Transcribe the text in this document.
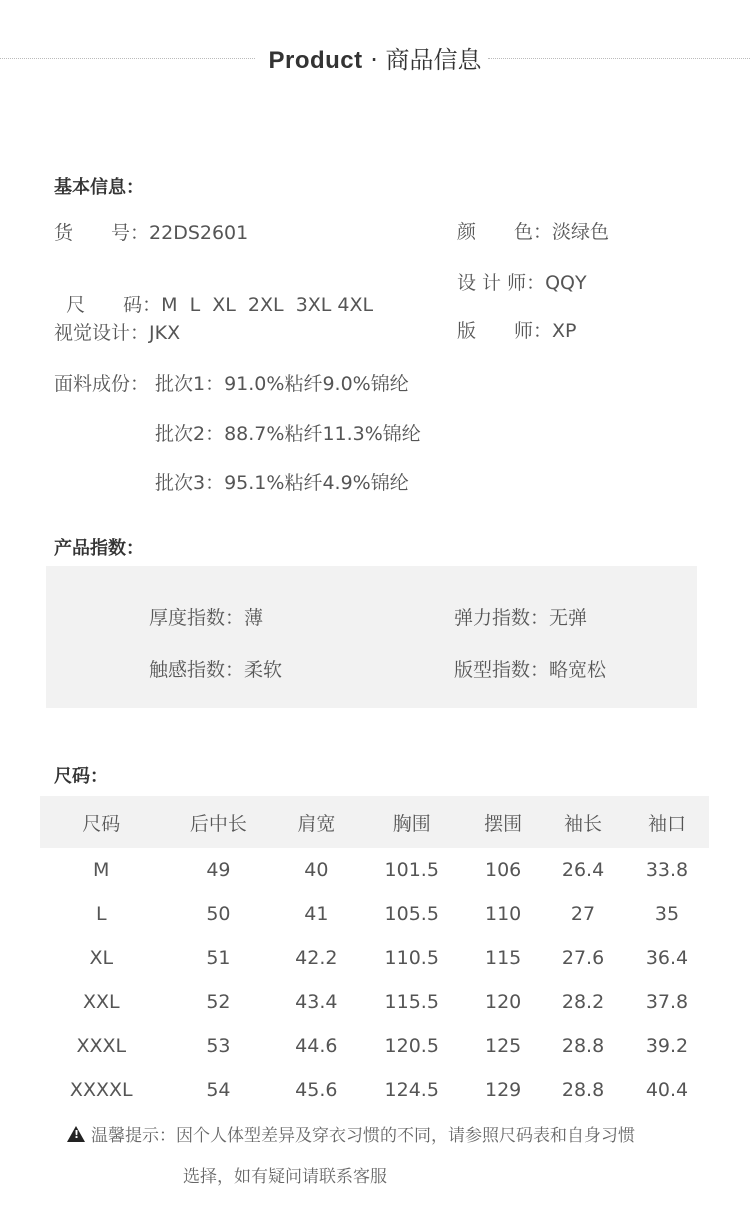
Product · 商品信息
基本信息：
货　　号：22DS2601	颜　　色：淡绿色

尺　　码：M  L  XL  2XL  3XL 4XL

设 计 师：QQY
视觉设计：JKX	版　　师：XP
面料成份： 批次1：91.0%粘纤9.0%锦纶
批次2：88.7%粘纤11.3%锦纶
批次3：95.1%粘纤4.9%锦纶
产品指数：
厚度指数：薄	弹力指数：无弹
触感指数：柔软	版型指数：略宽松
尺码：
尺码	后中长	肩宽	胸围	摆围	袖长	袖口
M	49	40	101.5	106	26.4	33.8
L	50	41	105.5	110	27	35
XL	51	42.2	110.5	115	27.6	36.4
XXL	52	43.4	115.5	120	28.2	37.8
XXXL	53	44.6	120.5	125	28.8	39.2
XXXXL	54	45.6	124.5	129	28.8	40.4
! 温馨提示：因个人体型差异及穿衣习惯的不同，请参照尺码表和自身习惯
选择，如有疑问请联系客服
